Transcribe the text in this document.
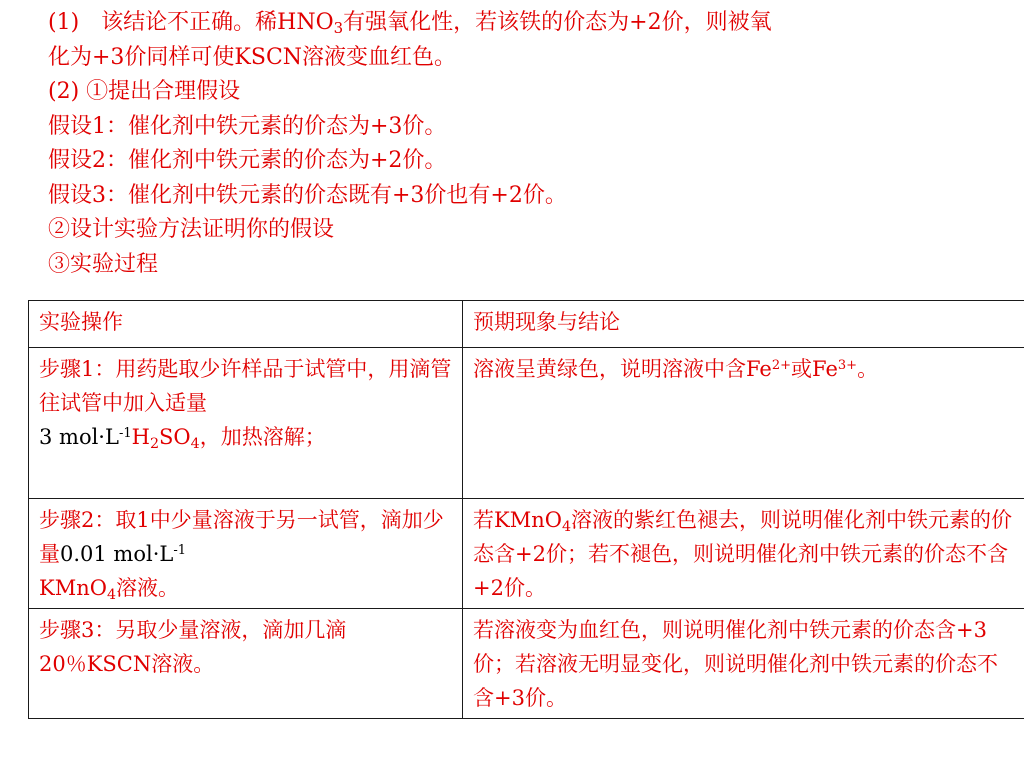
(1)　该结论不正确。稀$HNO_3$有强氧化性，若该铁的价态为+2价，则被氧
化为+3价同样可使KSCN溶液变血红色。
(2) ①提出合理假设
假设1：催化剂中铁元素的价态为+3价。
假设2：催化剂中铁元素的价态为+2价。
假设3：催化剂中铁元素的价态既有+3价也有+2价。
②设计实验方法证明你的假设
③实验过程
实验操作	预期现象与结论
步骤1：用药匙取少许样品于试管中，用滴管往试管中加入适量
3 $mol\cdot L^{-1}H_2SO_4$，加热溶解；	溶液呈黄绿色，说明溶液中含$Fe^{2+}$或$Fe^{3+}$。
步骤2：取1中少量溶液于另一试管，滴加少量0.01 $mol\cdot L^{-1}$
KMnO$_4$溶液。	若KMnO$_4$溶液的紫红色褪去，则说明催化剂中铁元素的价态含+2价；若不褪色，则说明催化剂中铁元素的价态不含+2价。
步骤3：另取少量溶液，滴加几滴20％KSCN溶液。	若溶液变为血红色，则说明催化剂中铁元素的价态含+3价；若溶液无明显变化，则说明催化剂中铁元素的价态不含+3价。
